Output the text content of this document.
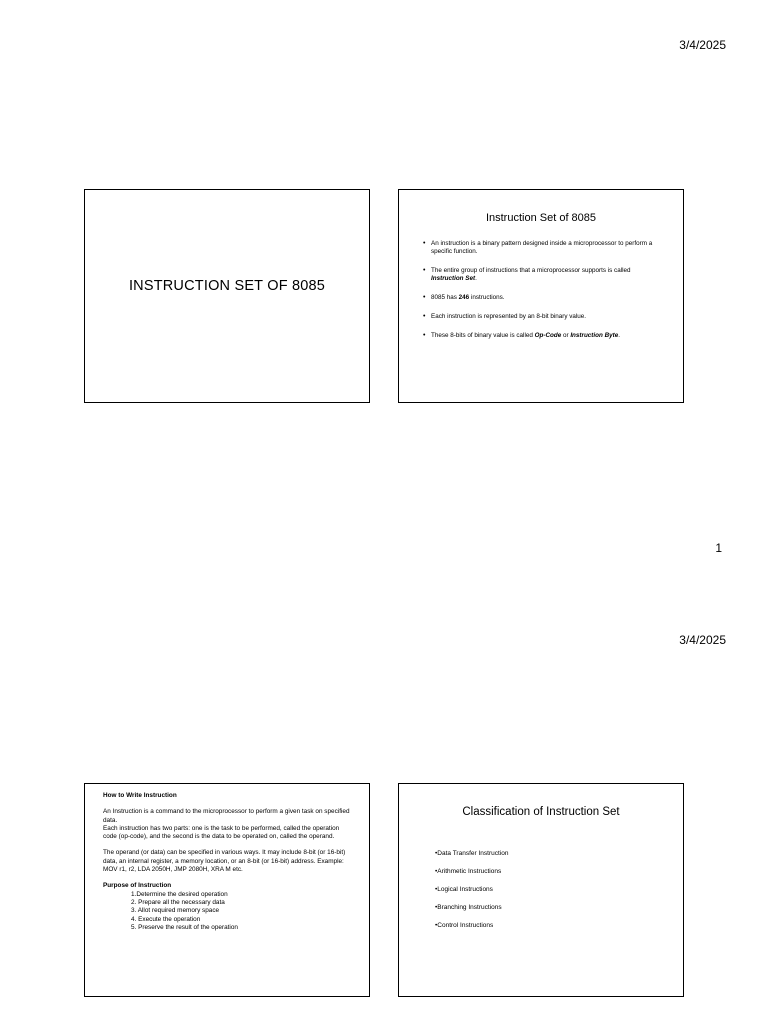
3/4/2025
INSTRUCTION SET OF 8085
Instruction Set of 8085
• An instruction is a binary pattern designed inside a microprocessor to perform a specific function.
• The entire group of instructions that a microprocessor supports is called Instruction Set.
• 8085 has 246 instructions.
• Each instruction is represented by an 8-bit binary value.
• These 8-bits of binary value is called Op-Code or Instruction Byte.
1
3/4/2025

How to Write Instruction

An Instruction is a command to the microprocessor to perform a given task on specified data.

Each instruction has two parts: one is the task to be performed, called the operation code (op-code), and the second is the data to be operated on, called the operand.

The operand (or data) can be specified in various ways. It may include 8-bit (or 16-bit) data, an internal register, a memory location, or an 8-bit (or 16-bit) address. Example: MOV r1, r2, LDA 2050H, JMP 2080H, XRA M etc.

Purpose of Instruction
1.Determine the desired operation
2. Prepare all the necessary data
3. Allot required memory space
4. Execute the operation
5. Preserve the result of the operation
Classification of Instruction Set
• Data Transfer Instruction
• Arithmetic Instructions
• Logical Instructions
• Branching Instructions
• Control Instructions
